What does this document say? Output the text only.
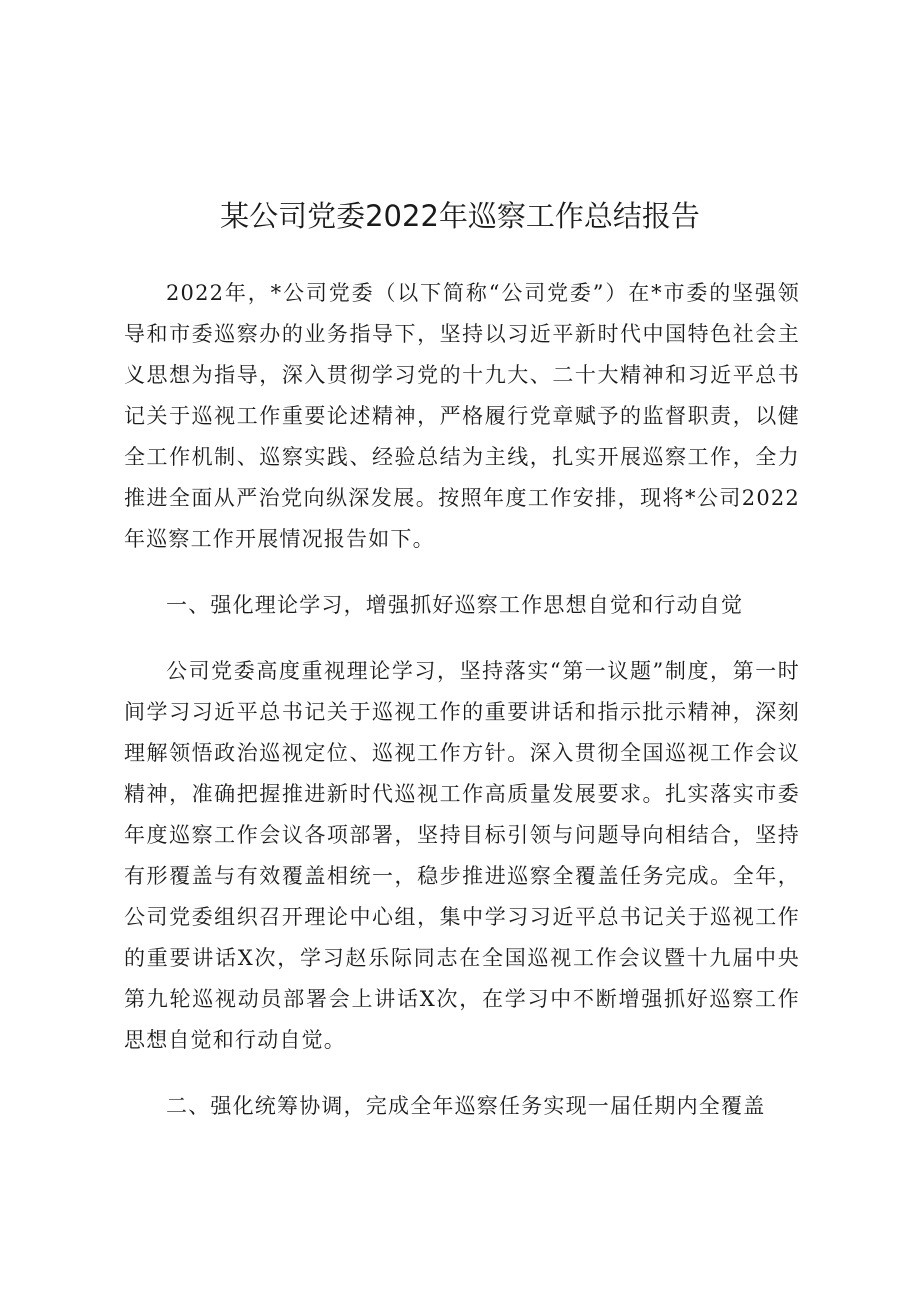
某公司党委2022年巡察工作总结报告

2022年，*公司党委（以下简称“公司党委”）在*市委的坚强领导和市委巡察办的业务指导下，坚持以习近平新时代中国特色社会主义思想为指导，深入贯彻学习党的十九大、二十大精神和习近平总书记关于巡视工作重要论述精神，严格履行党章赋予的监督职责，以健全工作机制、巡察实践、经验总结为主线，扎实开展巡察工作，全力推进全面从严治党向纵深发展。按照年度工作安排，现将*公司2022年巡察工作开展情况报告如下。

一、强化理论学习，增强抓好巡察工作思想自觉和行动自觉

公司党委高度重视理论学习，坚持落实“第一议题”制度，第一时间学习习近平总书记关于巡视工作的重要讲话和指示批示精神，深刻理解领悟政治巡视定位、巡视工作方针。深入贯彻全国巡视工作会议精神，准确把握推进新时代巡视工作高质量发展要求。扎实落实市委年度巡察工作会议各项部署，坚持目标引领与问题导向相结合，坚持有形覆盖与有效覆盖相统一，稳步推进巡察全覆盖任务完成。全年，公司党委组织召开理论中心组，集中学习习近平总书记关于巡视工作的重要讲话X次，学习赵乐际同志在全国巡视工作会议暨十九届中央第九轮巡视动员部署会上讲话X次，在学习中不断增强抓好巡察工作思想自觉和行动自觉。

二、强化统筹协调，完成全年巡察任务实现一届任期内全覆盖
